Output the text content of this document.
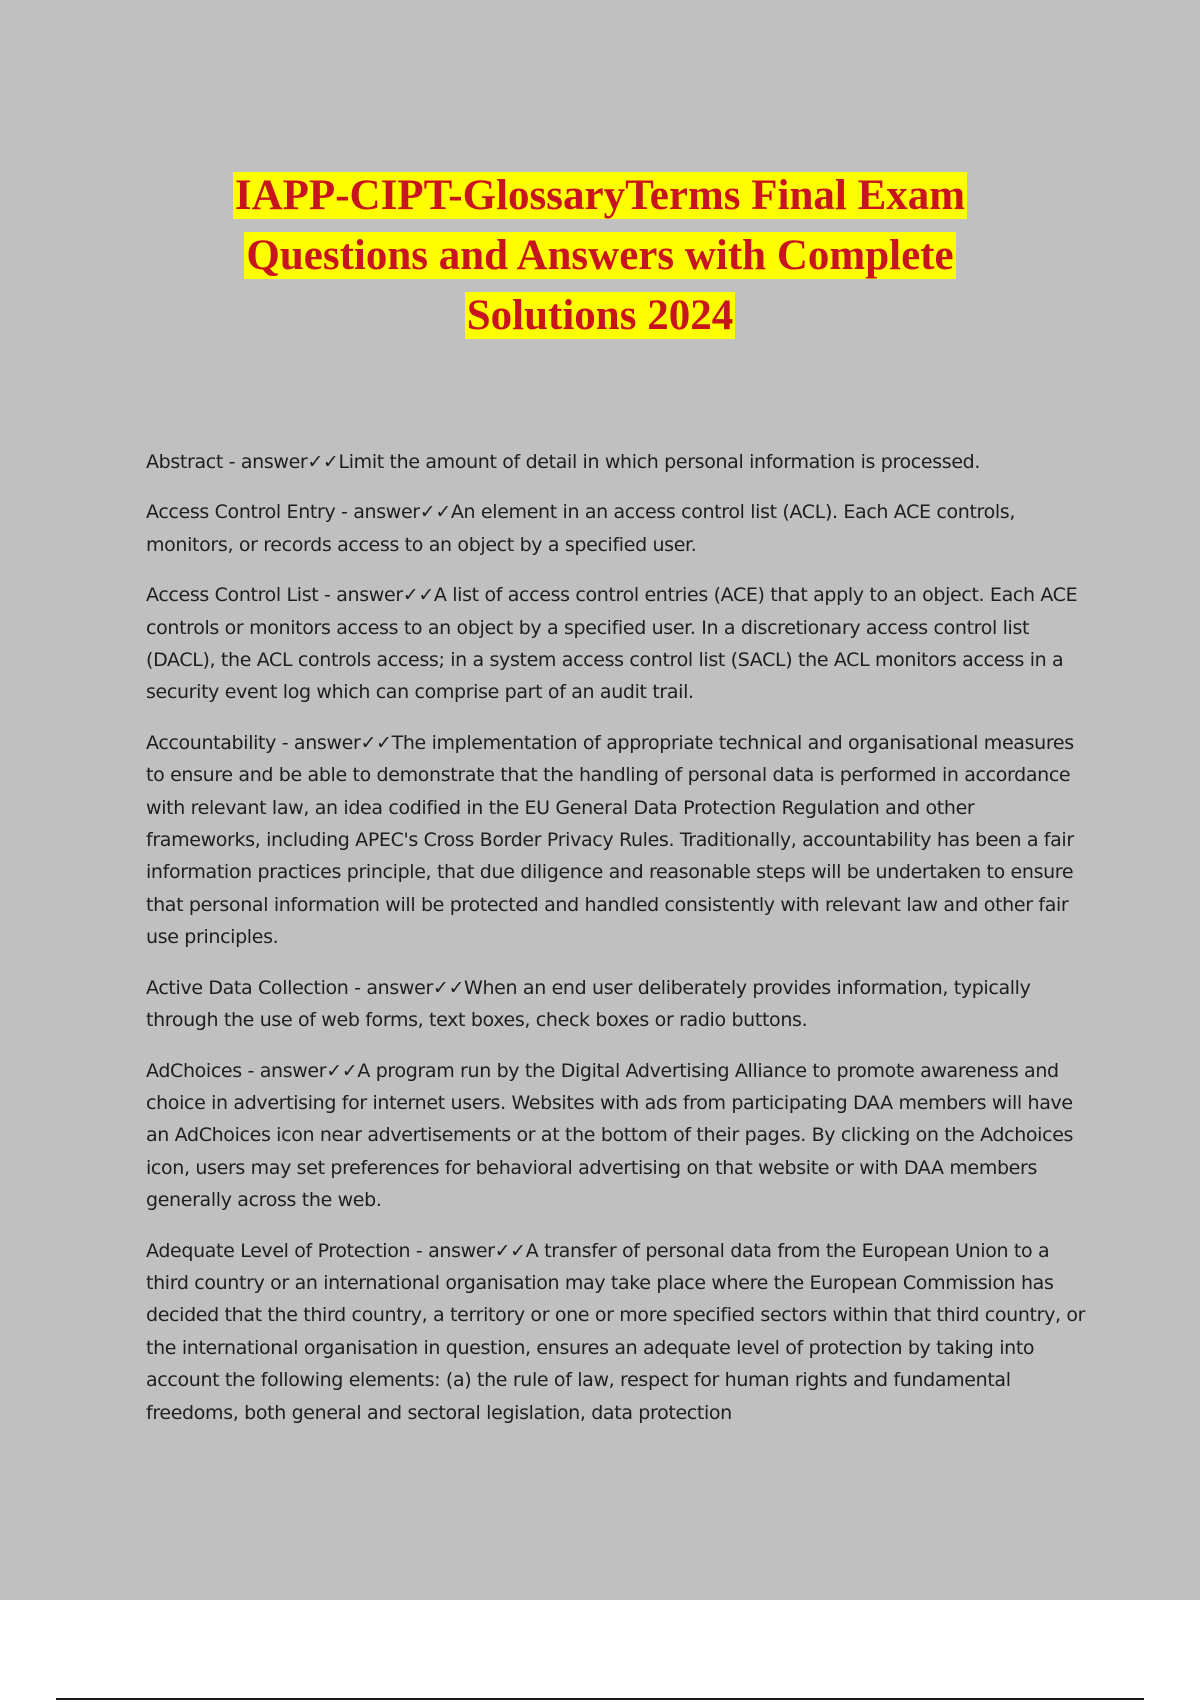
IAPP-CIPT-GlossaryTerms Final Exam
Questions and Answers with Complete
Solutions 2024

Abstract - answer✓✓Limit the amount of detail in which personal information is processed.

Access Control Entry - answer✓✓An element in an access control list (ACL). Each ACE controls, monitors, or records access to an object by a specified user.

Access Control List - answer✓✓A list of access control entries (ACE) that apply to an object. Each ACE controls or monitors access to an object by a specified user. In a discretionary access control list (DACL), the ACL controls access; in a system access control list (SACL) the ACL monitors access in a security event log which can comprise part of an audit trail.

Accountability - answer✓✓The implementation of appropriate technical and organisational measures to ensure and be able to demonstrate that the handling of personal data is performed in accordance with relevant law, an idea codified in the EU General Data Protection Regulation and other frameworks, including APEC's Cross Border Privacy Rules. Traditionally, accountability has been a fair information practices principle, that due diligence and reasonable steps will be undertaken to ensure that personal information will be protected and handled consistently with relevant law and other fair use principles.

Active Data Collection - answer✓✓When an end user deliberately provides information, typically through the use of web forms, text boxes, check boxes or radio buttons.

AdChoices - answer✓✓A program run by the Digital Advertising Alliance to promote awareness and choice in advertising for internet users. Websites with ads from participating DAA members will have an AdChoices icon near advertisements or at the bottom of their pages. By clicking on the Adchoices icon, users may set preferences for behavioral advertising on that website or with DAA members generally across the web.

Adequate Level of Protection - answer✓✓A transfer of personal data from the European Union to a third country or an international organisation may take place where the European Commission has decided that the third country, a territory or one or more specified sectors within that third country, or the international organisation in question, ensures an adequate level of protection by taking into account the following elements: (a) the rule of law, respect for human rights and fundamental freedoms, both general and sectoral legislation, data protection
